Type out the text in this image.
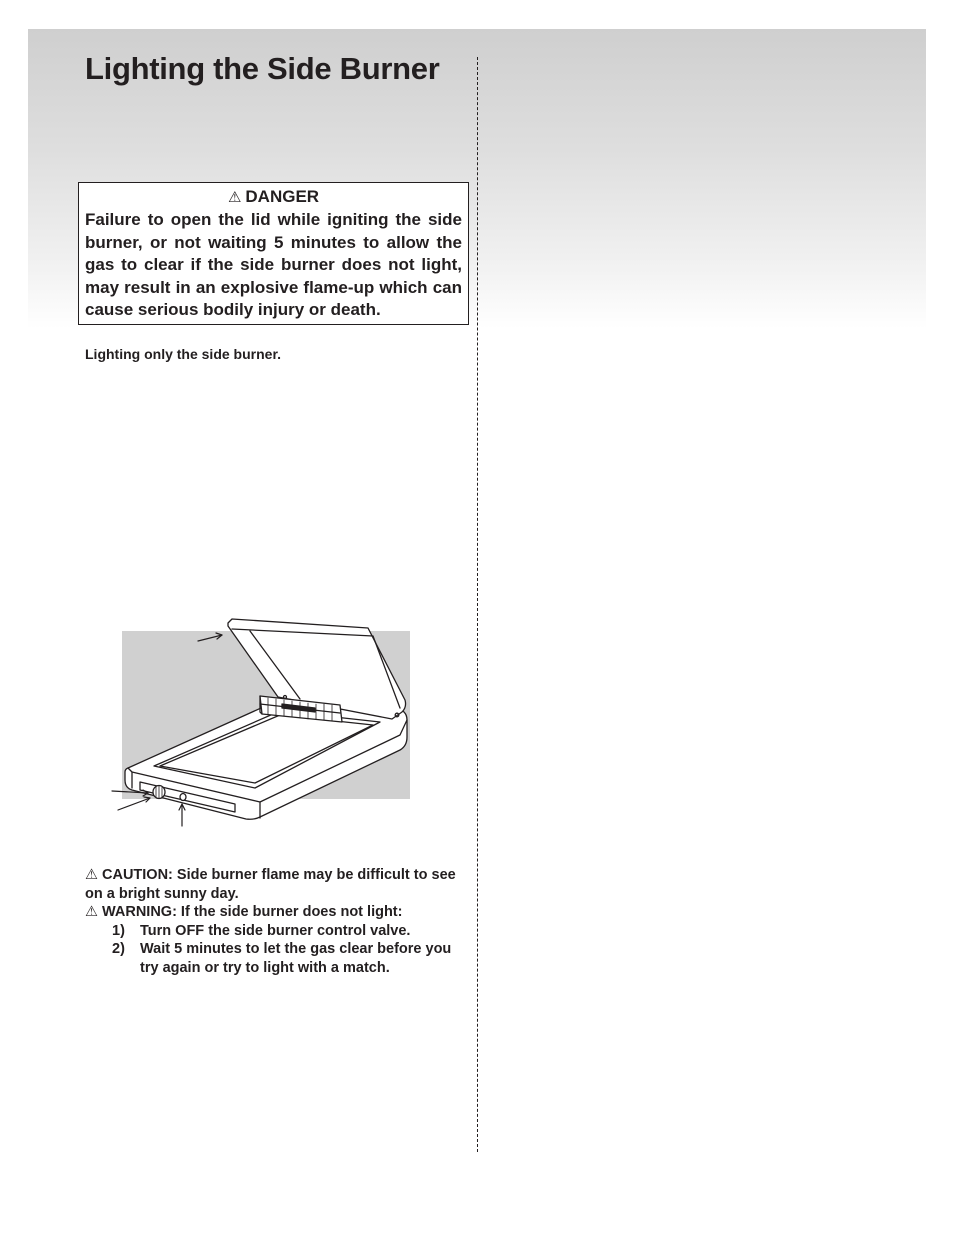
Lighting the Side Burner
⚠ DANGER
Failure to open the lid while igniting the side burner, or not waiting 5 minutes to allow the gas to clear if the side burner does not light, may result in an explosive flame-up which can cause serious bodily injury or death.
Lighting only the side burner.

⚠ CAUTION: Side burner flame may be difficult to see on a bright sunny day.

⚠ WARNING: If the side burner does not light:

1) Turn OFF the side burner control valve.

2) Wait 5 minutes to let the gas clear before you try again or try to light with a match.
